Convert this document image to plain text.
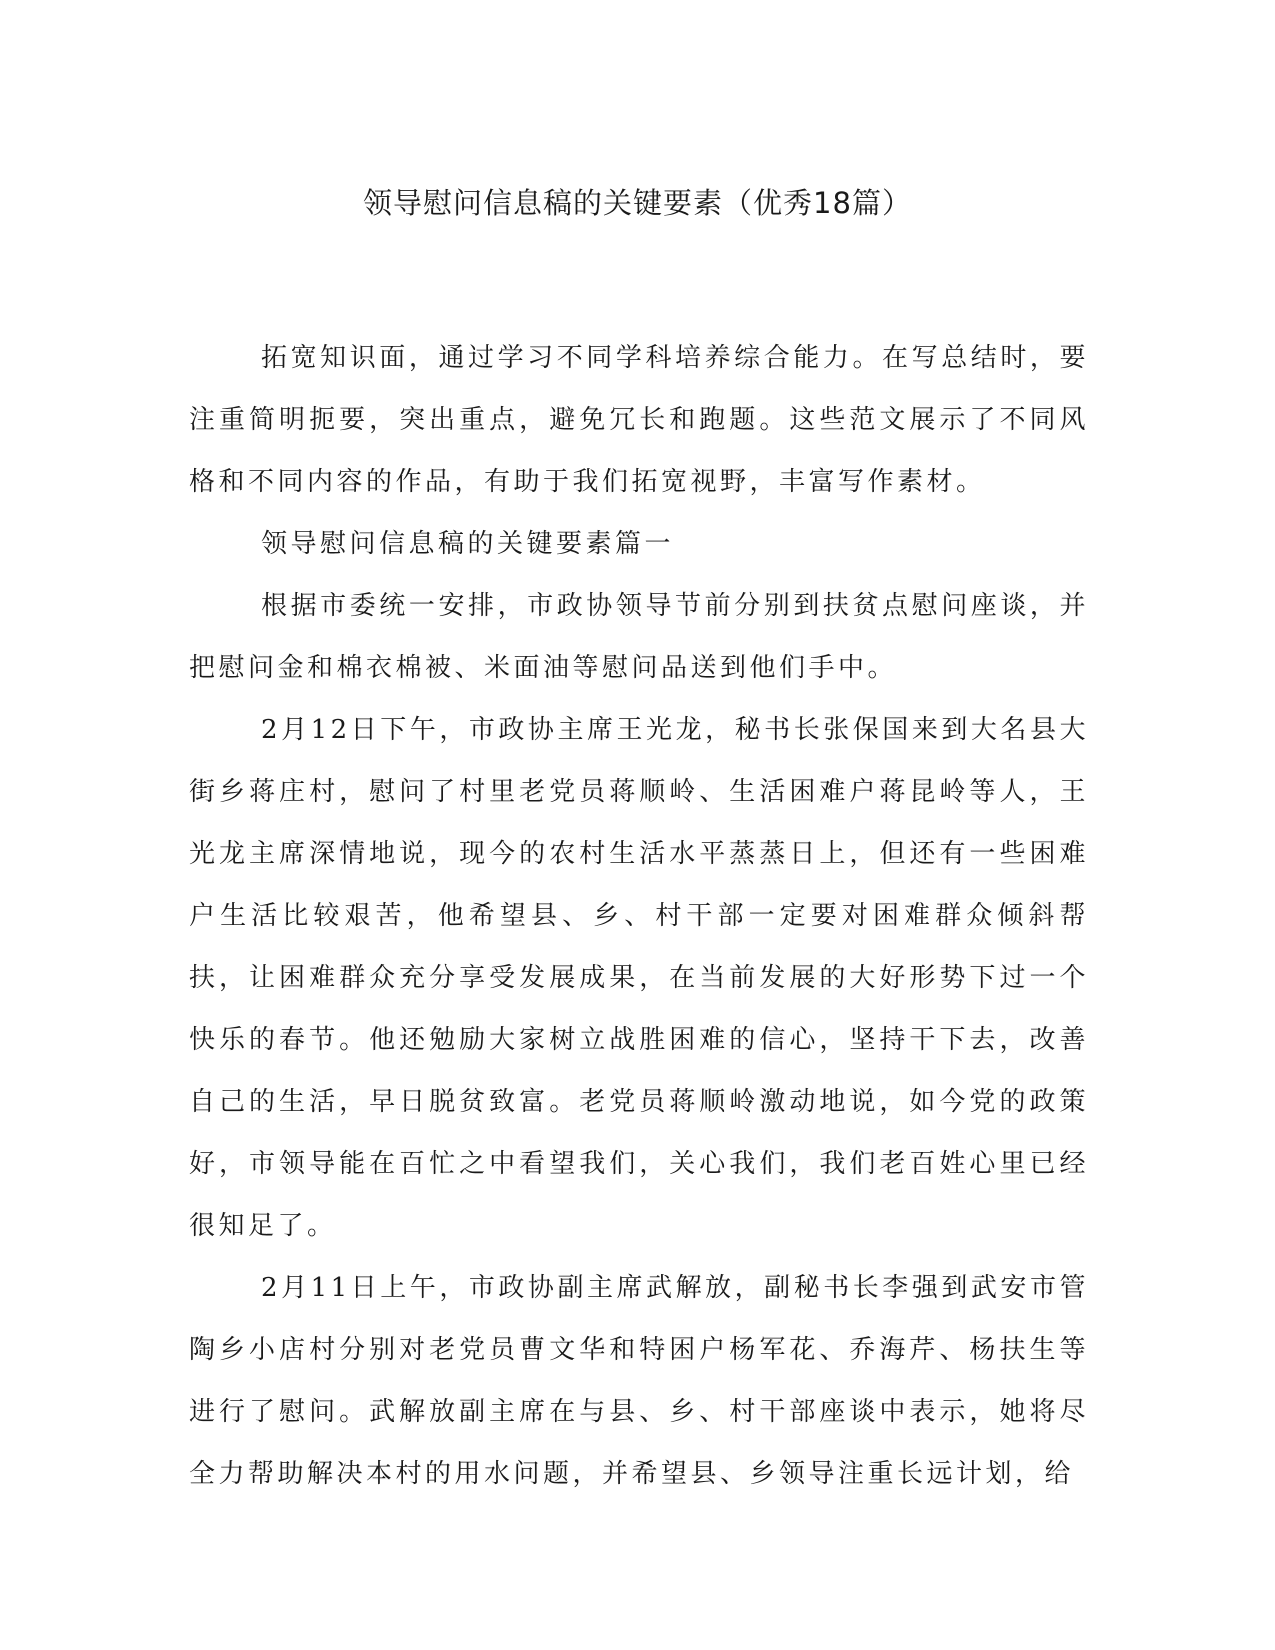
领导慰问信息稿的关键要素（优秀18篇）

拓宽知识面，通过学习不同学科培养综合能力。在写总结时，要注重简明扼要，突出重点，避免冗长和跑题。这些范文展示了不同风格和不同内容的作品，有助于我们拓宽视野，丰富写作素材。

领导慰问信息稿的关键要素篇一

根据市委统一安排，市政协领导节前分别到扶贫点慰问座谈，并把慰问金和棉衣棉被、米面油等慰问品送到他们手中。

2月12日下午，市政协主席王光龙，秘书长张保国来到大名县大街乡蒋庄村，慰问了村里老党员蒋顺岭、生活困难户蒋昆岭等人，王光龙主席深情地说，现今的农村生活水平蒸蒸日上，但还有一些困难户生活比较艰苦，他希望县、乡、村干部一定要对困难群众倾斜帮扶，让困难群众充分享受发展成果，在当前发展的大好形势下过一个快乐的春节。他还勉励大家树立战胜困难的信心，坚持干下去，改善自己的生活，早日脱贫致富。老党员蒋顺岭激动地说，如今党的政策好，市领导能在百忙之中看望我们，关心我们，我们老百姓心里已经很知足了。

2月11日上午，市政协副主席武解放，副秘书长李强到武安市管陶乡小店村分别对老党员曹文华和特困户杨军花、乔海芹、杨扶生等进行了慰问。武解放副主席在与县、乡、村干部座谈中表示，她将尽全力帮助解决本村的用水问题，并希望县、乡领导注重长远计划，给
